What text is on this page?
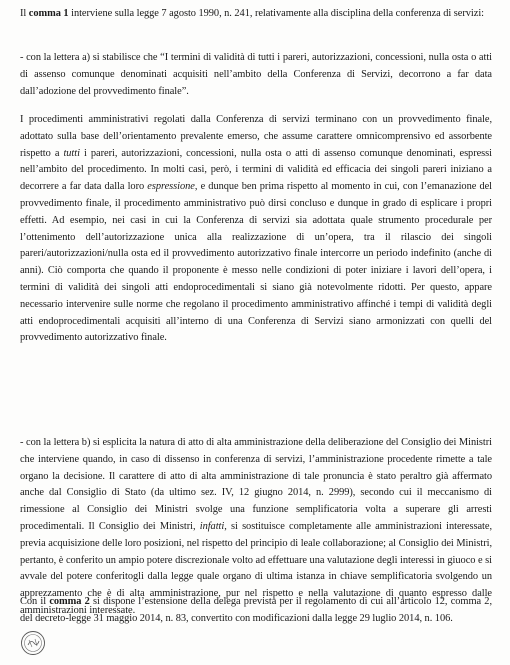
Il comma 1 interviene sulla legge 7 agosto 1990, n. 241, relativamente alla disciplina della conferenza di servizi:

- con la lettera a) si stabilisce che “I termini di validità di tutti i pareri, autorizzazioni, concessioni, nulla osta o atti di assenso comunque denominati acquisiti nell’ambito della Conferenza di Servizi, decorrono a far data dall’adozione del provvedimento finale”.

I procedimenti amministrativi regolati dalla Conferenza di servizi terminano con un provvedimento finale, adottato sulla base dell’orientamento prevalente emerso, che assume carattere omnicomprensivo ed assorbente rispetto a tutti i pareri, autorizzazioni, concessioni, nulla osta o atti di assenso comunque denominati, espressi nell’ambito del procedimento. In molti casi, però, i termini di validità ed efficacia dei singoli pareri iniziano a decorrere a far data dalla loro espressione, e dunque ben prima rispetto al momento in cui, con l’emanazione del provvedimento finale, il procedimento amministrativo può dirsi concluso e dunque in grado di esplicare i propri effetti. Ad esempio, nei casi in cui la Conferenza di servizi sia adottata quale strumento procedurale per l’ottenimento dell’autorizzazione unica alla realizzazione di un’opera, tra il rilascio dei singoli pareri/autorizzazioni/nulla osta ed il provvedimento autorizzativo finale intercorre un periodo indefinito (anche di anni). Ciò comporta che quando il proponente è messo nelle condizioni di poter iniziare i lavori dell’opera, i termini di validità dei singoli atti endoprocedimentali si siano già notevolmente ridotti. Per questo, appare necessario intervenire sulle norme che regolano il procedimento amministrativo affinché i tempi di validità degli atti endoprocedimentali acquisiti all’interno di una Conferenza di Servizi siano armonizzati con quelli del provvedimento autorizzativo finale.

- con la lettera b) si esplicita la natura di atto di alta amministrazione della deliberazione del Consiglio dei Ministri che interviene quando, in caso di dissenso in conferenza di servizi, l’amministrazione procedente rimette a tale organo la decisione. Il carattere di atto di alta amministrazione di tale pronuncia è stato peraltro già affermato anche dal Consiglio di Stato (da ultimo sez. IV, 12 giugno 2014, n. 2999), secondo cui il meccanismo di rimessione al Consiglio dei Ministri svolge una funzione semplificatoria volta a superare gli arresti procedimentali. Il Consiglio dei Ministri, infatti, si sostituisce completamente alle amministrazioni interessate, previa acquisizione delle loro posizioni, nel rispetto del principio di leale collaborazione; al Consiglio dei Ministri, pertanto, è conferito un ampio potere discrezionale volto ad effettuare una valutazione degli interessi in giuoco e si avvale del potere conferitogli dalla legge quale organo di ultima istanza in chiave semplificatoria svolgendo un apprezzamento che è di alta amministrazione, pur nel rispetto e nella valutazione di quanto espresso dalle amministrazioni interessate.

Con il comma 2 si dispone l’estensione della delega prevista per il regolamento di cui all’articolo 12, comma 2, del decreto-legge 31 maggio 2014, n. 83, convertito con modificazioni dalla legge 29 luglio 2014, n. 106.
